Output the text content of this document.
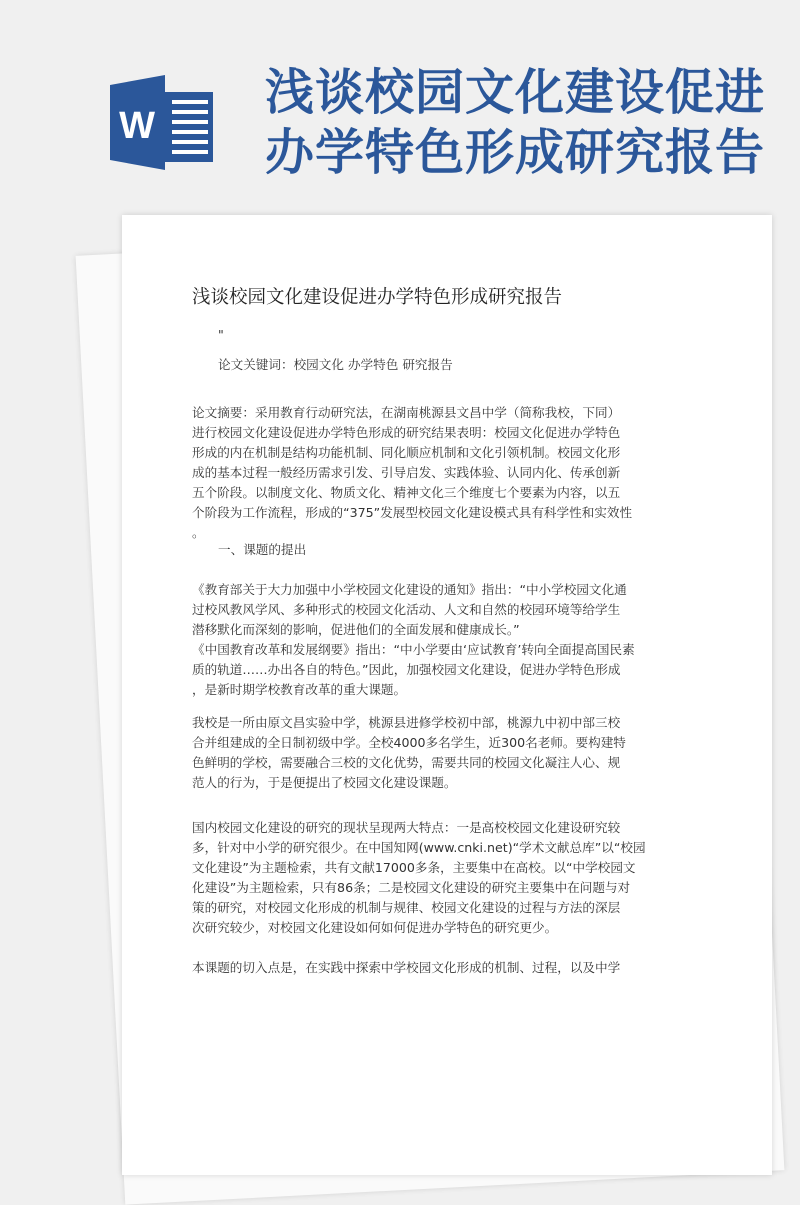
W
浅谈校园文化建设促进
办学特色形成研究报告
浅谈校园文化建设促进办学特色形成研究报告
"
论文关键词：校园文化 办学特色 研究报告
论文摘要：采用教育行动研究法，在湖南桃源县文昌中学（简称我校，下同）
进行校园文化建设促进办学特色形成的研究结果表明：校园文化促进办学特色
形成的内在机制是结构功能机制、同化顺应机制和文化引领机制。校园文化形
成的基本过程一般经历需求引发、引导启发、实践体验、认同内化、传承创新
五个阶段。以制度文化、物质文化、精神文化三个维度七个要素为内容，以五
个阶段为工作流程，形成的“375”发展型校园文化建设模式具有科学性和实效性
。
一、课题的提出
《教育部关于大力加强中小学校园文化建设的通知》指出：“中小学校园文化通
过校风教风学风、多种形式的校园文化活动、人文和自然的校园环境等给学生
潜移默化而深刻的影响，促进他们的全面发展和健康成长。”
《中国教育改革和发展纲要》指出：“中小学要由‘应试教育’转向全面提高国民素
质的轨道……办出各自的特色。”因此，加强校园文化建设，促进办学特色形成
，是新时期学校教育改革的重大课题。
我校是一所由原文昌实验中学，桃源县进修学校初中部，桃源九中初中部三校
合并组建成的全日制初级中学。全校4000多名学生，近300名老师。要构建特
色鲜明的学校，需要融合三校的文化优势，需要共同的校园文化凝注人心、规
范人的行为，于是便提出了校园文化建设课题。
国内校园文化建设的研究的现状呈现两大特点：一是高校校园文化建设研究较
多，针对中小学的研究很少。在中国知网(www.cnki.net)“学术文献总库”以“校园
文化建设”为主题检索，共有文献17000多条，主要集中在高校。以“中学校园文
化建设”为主题检索，只有86条；二是校园文化建设的研究主要集中在问题与对
策的研究，对校园文化形成的机制与规律、校园文化建设的过程与方法的深层
次研究较少，对校园文化建设如何如何促进办学特色的研究更少。
本课题的切入点是，在实践中探索中学校园文化形成的机制、过程，以及中学
